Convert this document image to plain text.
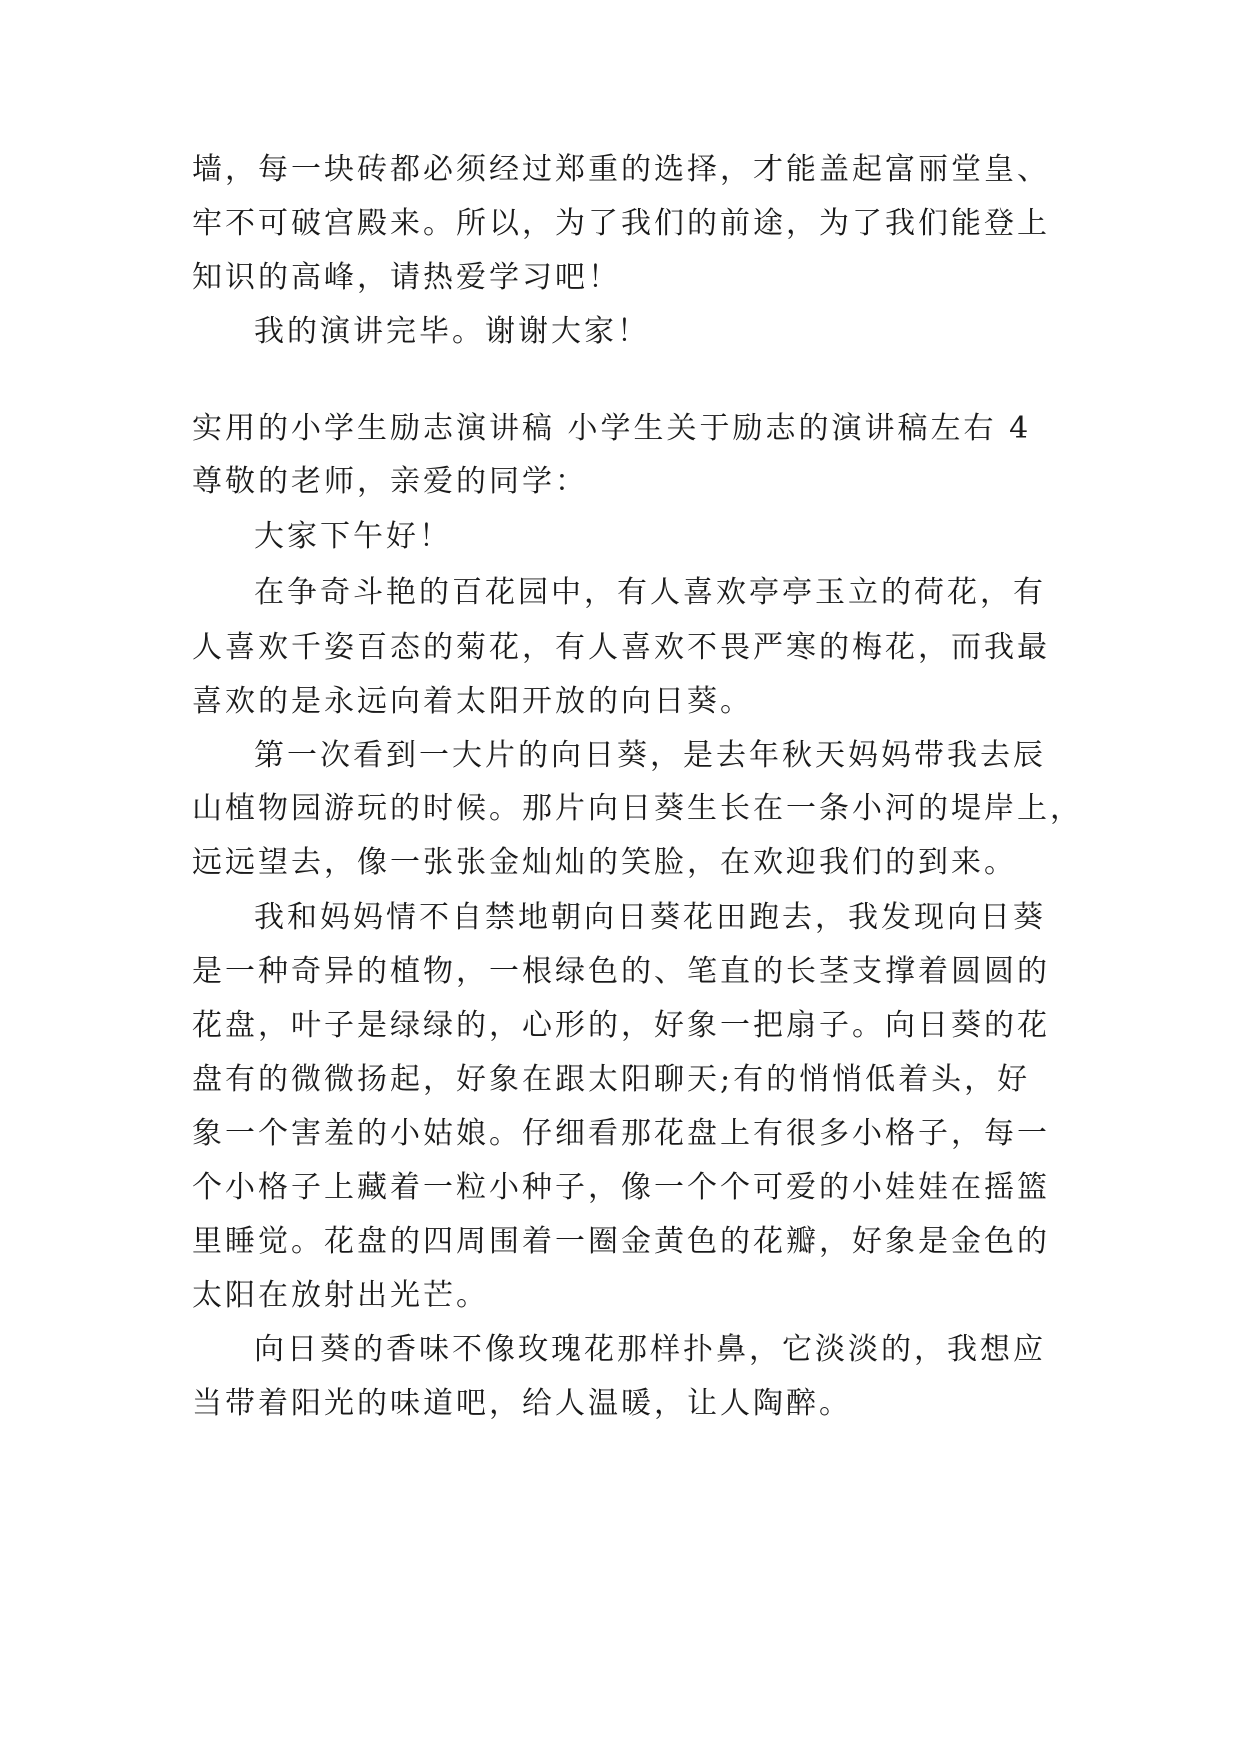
墙，每一块砖都必须经过郑重的选择，才能盖起富丽堂皇、
牢不可破宫殿来。所以，为了我们的前途，为了我们能登上
知识的高峰，请热爱学习吧！
我的演讲完毕。谢谢大家！
实用的小学生励志演讲稿 小学生关于励志的演讲稿左右 4
尊敬的老师，亲爱的同学：
大家下午好！
在争奇斗艳的百花园中，有人喜欢亭亭玉立的荷花，有
人喜欢千姿百态的菊花，有人喜欢不畏严寒的梅花，而我最
喜欢的是永远向着太阳开放的向日葵。
第一次看到一大片的向日葵，是去年秋天妈妈带我去辰
山植物园游玩的时候。那片向日葵生长在一条小河的堤岸上，
远远望去，像一张张金灿灿的笑脸，在欢迎我们的到来。
我和妈妈情不自禁地朝向日葵花田跑去，我发现向日葵
是一种奇异的植物，一根绿色的、笔直的长茎支撑着圆圆的
花盘，叶子是绿绿的，心形的，好象一把扇子。向日葵的花
盘有的微微扬起，好象在跟太阳聊天;有的悄悄低着头，好
象一个害羞的小姑娘。仔细看那花盘上有很多小格子，每一
个小格子上藏着一粒小种子，像一个个可爱的小娃娃在摇篮
里睡觉。花盘的四周围着一圈金黄色的花瓣，好象是金色的
太阳在放射出光芒。
向日葵的香味不像玫瑰花那样扑鼻，它淡淡的，我想应
当带着阳光的味道吧，给人温暖，让人陶醉。
